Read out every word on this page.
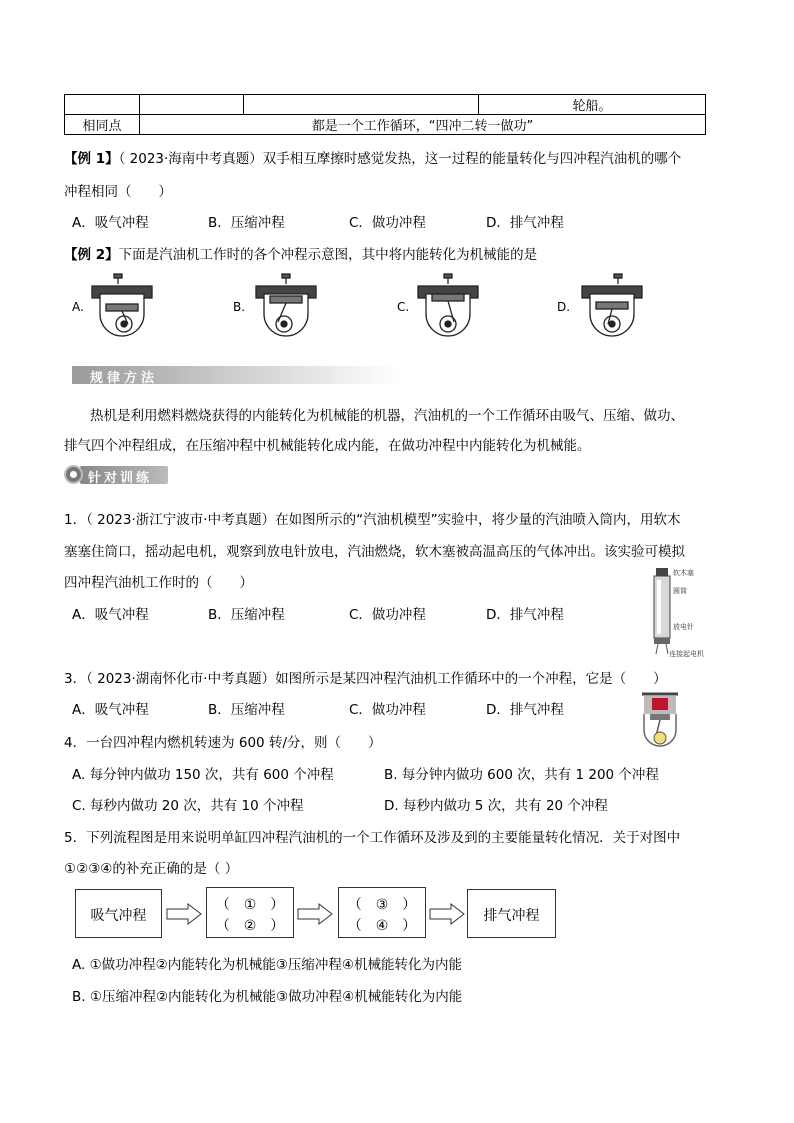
			轮船。
相同点	都是一个工作循环，“四冲二转一做功”		
【例 1】（ 2023·海南中考真题）双手相互摩擦时感觉发热，这一过程的能量转化与四冲程汽油机的哪个
冲程相同（　　）
A．吸气冲程	B．压缩冲程	C．做功冲程	D．排气冲程
【例 2】下面是汽油机工作时的各个冲程示意图，其中将内能转化为机械能的是
A.	B.	C.	D.
规律方法
热机是利用燃料燃烧获得的内能转化为机械能的机器，汽油机的一个工作循环由吸气、压缩、做功、
排气四个冲程组成，在压缩冲程中机械能转化成内能，在做功冲程中内能转化为机械能。
针对训练
1．（ 2023·浙江宁波市·中考真题）在如图所示的“汽油机模型”实验中，将少量的汽油喷入筒内，用软木
塞塞住筒口，摇动起电机，观察到放电针放电，汽油燃烧，软木塞被高温高压的气体冲出。该实验可模拟
四冲程汽油机工作时的（　　）
A．吸气冲程	B．压缩冲程	C．做功冲程	D．排气冲程
软木塞
圆筒
放电针
连接起电机
3．（ 2023·湖南怀化市·中考真题）如图所示是某四冲程汽油机工作循环中的一个冲程，它是（　　）
A．吸气冲程	B．压缩冲程	C．做功冲程	D．排气冲程
4．一台四冲程内燃机转速为 600 转/分，则（　　）
A. 每分钟内做功 150 次，共有 600 个冲程	B. 每分钟内做功 600 次，共有 1 200 个冲程
C. 每秒内做功 20 次，共有 10 个冲程	D. 每秒内做功 5 次，共有 20 个冲程
5．下列流程图是用来说明单缸四冲程汽油机的一个工作循环及涉及到的主要能量转化情况．关于对图中
①②③④的补充正确的是（ ）
吸气冲程
（　①　）
（　②　）
（　③　）
（　④　）
排气冲程
A. ①做功冲程②内能转化为机械能③压缩冲程④机械能转化为内能
B. ①压缩冲程②内能转化为机械能③做功冲程④机械能转化为内能
